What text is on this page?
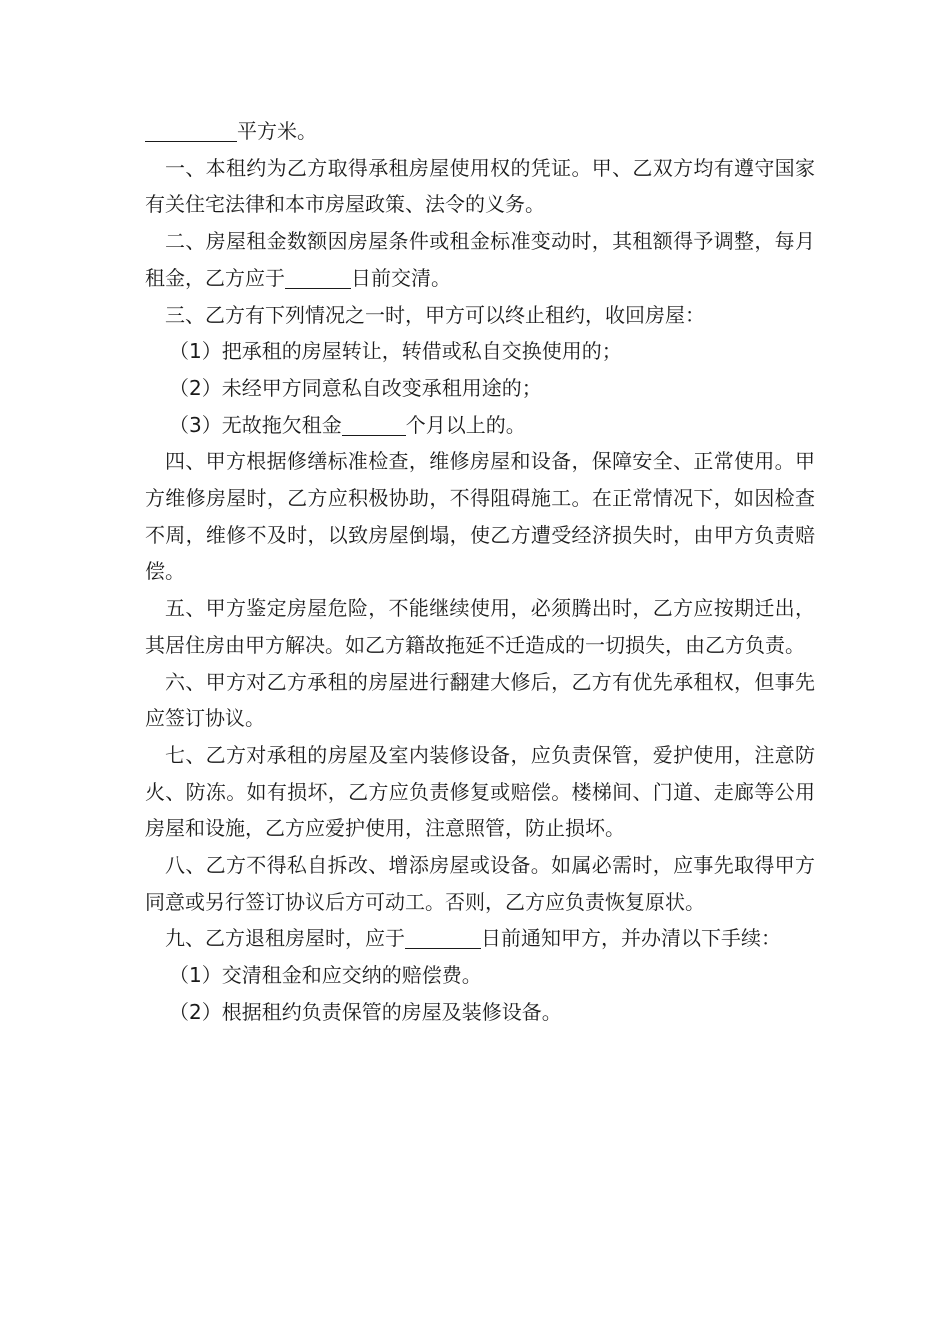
平方米。

一、本租约为乙方取得承租房屋使用权的凭证。甲、乙双方均有遵守国家有关住宅法律和本市房屋政策、法令的义务。

二、房屋租金数额因房屋条件或租金标准变动时，其租额得予调整，每月租金，乙方应于	日前交清。

三、乙方有下列情况之一时，甲方可以终止租约，收回房屋：

（1）把承租的房屋转让，转借或私自交换使用的；

（2）未经甲方同意私自改变承租用途的；

（3）无故拖欠租金	个月以上的。

四、甲方根据修缮标准检查，维修房屋和设备，保障安全、正常使用。甲方维修房屋时，乙方应积极协助，不得阻碍施工。在正常情况下，如因检查不周，维修不及时，以致房屋倒塌，使乙方遭受经济损失时，由甲方负责赔偿。

五、甲方鉴定房屋危险，不能继续使用，必须腾出时，乙方应按期迁出，其居住房由甲方解决。如乙方籍故拖延不迁造成的一切损失，由乙方负责。

六、甲方对乙方承租的房屋进行翻建大修后，乙方有优先承租权，但事先应签订协议。

七、乙方对承租的房屋及室内装修设备，应负责保管，爱护使用，注意防火、防冻。如有损坏，乙方应负责修复或赔偿。楼梯间、门道、走廊等公用房屋和设施，乙方应爱护使用，注意照管，防止损坏。

八、乙方不得私自拆改、增添房屋或设备。如属必需时，应事先取得甲方同意或另行签订协议后方可动工。否则，乙方应负责恢复原状。

九、乙方退租房屋时，应于	日前通知甲方，并办清以下手续：

（1）交清租金和应交纳的赔偿费。

（2）根据租约负责保管的房屋及装修设备。
